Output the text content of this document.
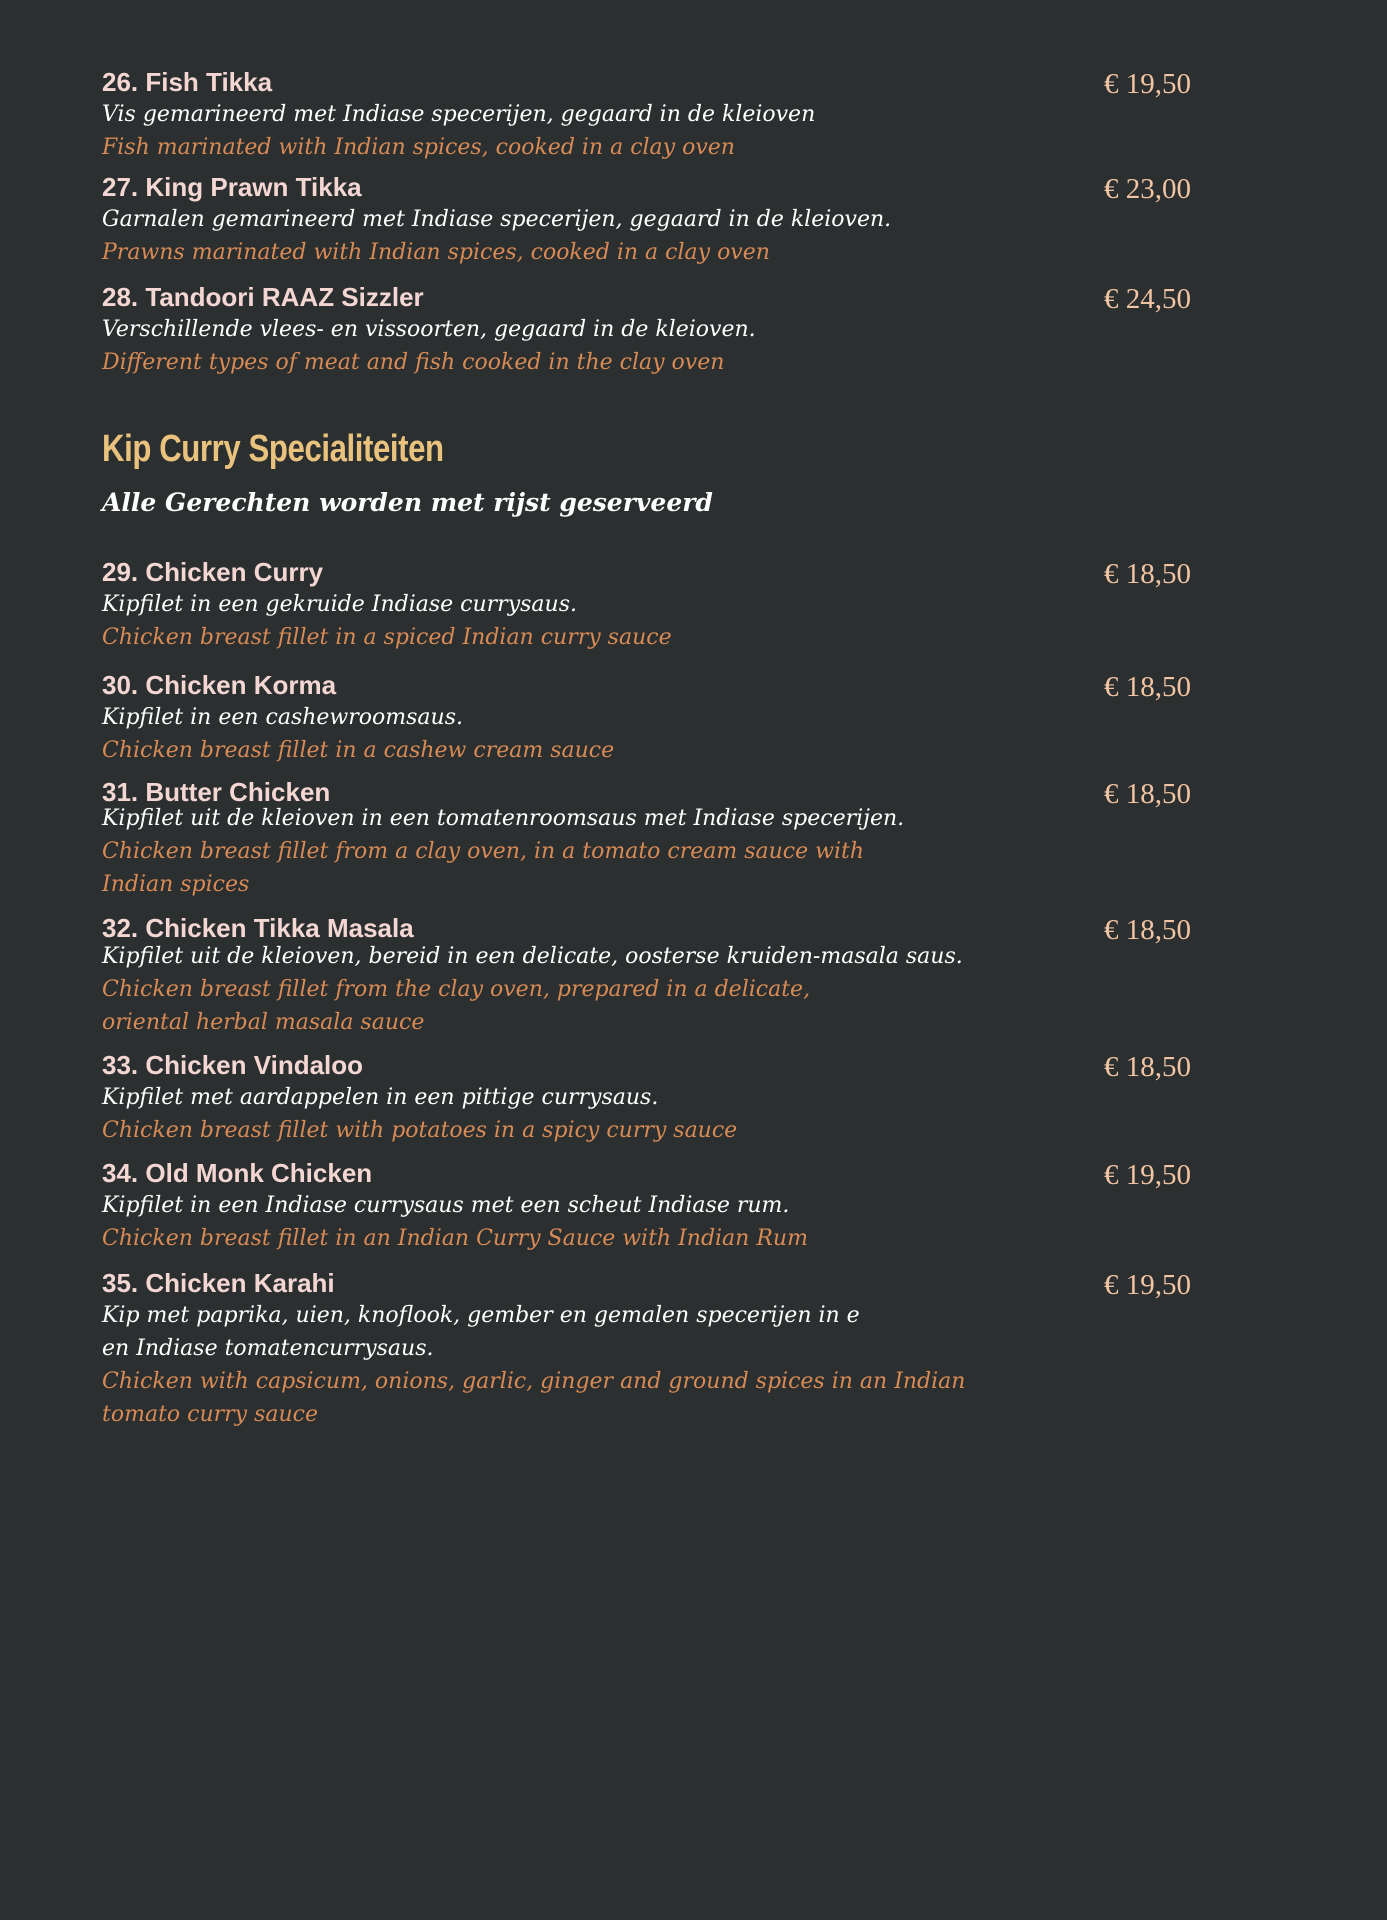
26. Fish Tikka
Vis gemarineerd met Indiase specerijen, gegaard in de kleioven
Fish marinated with Indian spices, cooked in a clay oven
€ 19,50
27. King Prawn Tikka
Garnalen gemarineerd met Indiase specerijen, gegaard in de kleioven.
Prawns marinated with Indian spices, cooked in a clay oven
€ 23,00
28. Tandoori RAAZ Sizzler
Verschillende vlees- en vissoorten, gegaard in de kleioven.
Different types of meat and fish cooked in the clay oven
€ 24,50
Kip Curry Specialiteiten
Alle Gerechten worden met rijst geserveerd
29. Chicken Curry
Kipfilet in een gekruide Indiase currysaus.
Chicken breast fillet in a spiced Indian curry sauce
€ 18,50
30. Chicken Korma
Kipfilet in een cashewroomsaus.
Chicken breast fillet in a cashew cream sauce
€ 18,50
31. Butter Chicken
Kipfilet uit de kleioven in een tomatenroomsaus met Indiase specerijen.
Chicken breast fillet from a clay oven, in a tomato cream sauce with
Indian spices
€ 18,50
32. Chicken Tikka Masala
Kipfilet uit de kleioven, bereid in een delicate, oosterse kruiden-masala saus.
Chicken breast fillet from the clay oven, prepared in a delicate,
oriental herbal masala sauce
€ 18,50
33. Chicken Vindaloo
Kipfilet met aardappelen in een pittige currysaus.
Chicken breast fillet with potatoes in a spicy curry sauce
€ 18,50
34. Old Monk Chicken
Kipfilet in een Indiase currysaus met een scheut Indiase rum.
Chicken breast fillet in an Indian Curry Sauce with Indian Rum
€ 19,50
35. Chicken Karahi
Kip met paprika, uien, knoflook, gember en gemalen specerijen in e
en Indiase tomatencurrysaus.
Chicken with capsicum, onions, garlic, ginger and ground spices in an Indian
tomato curry sauce
€ 19,50
